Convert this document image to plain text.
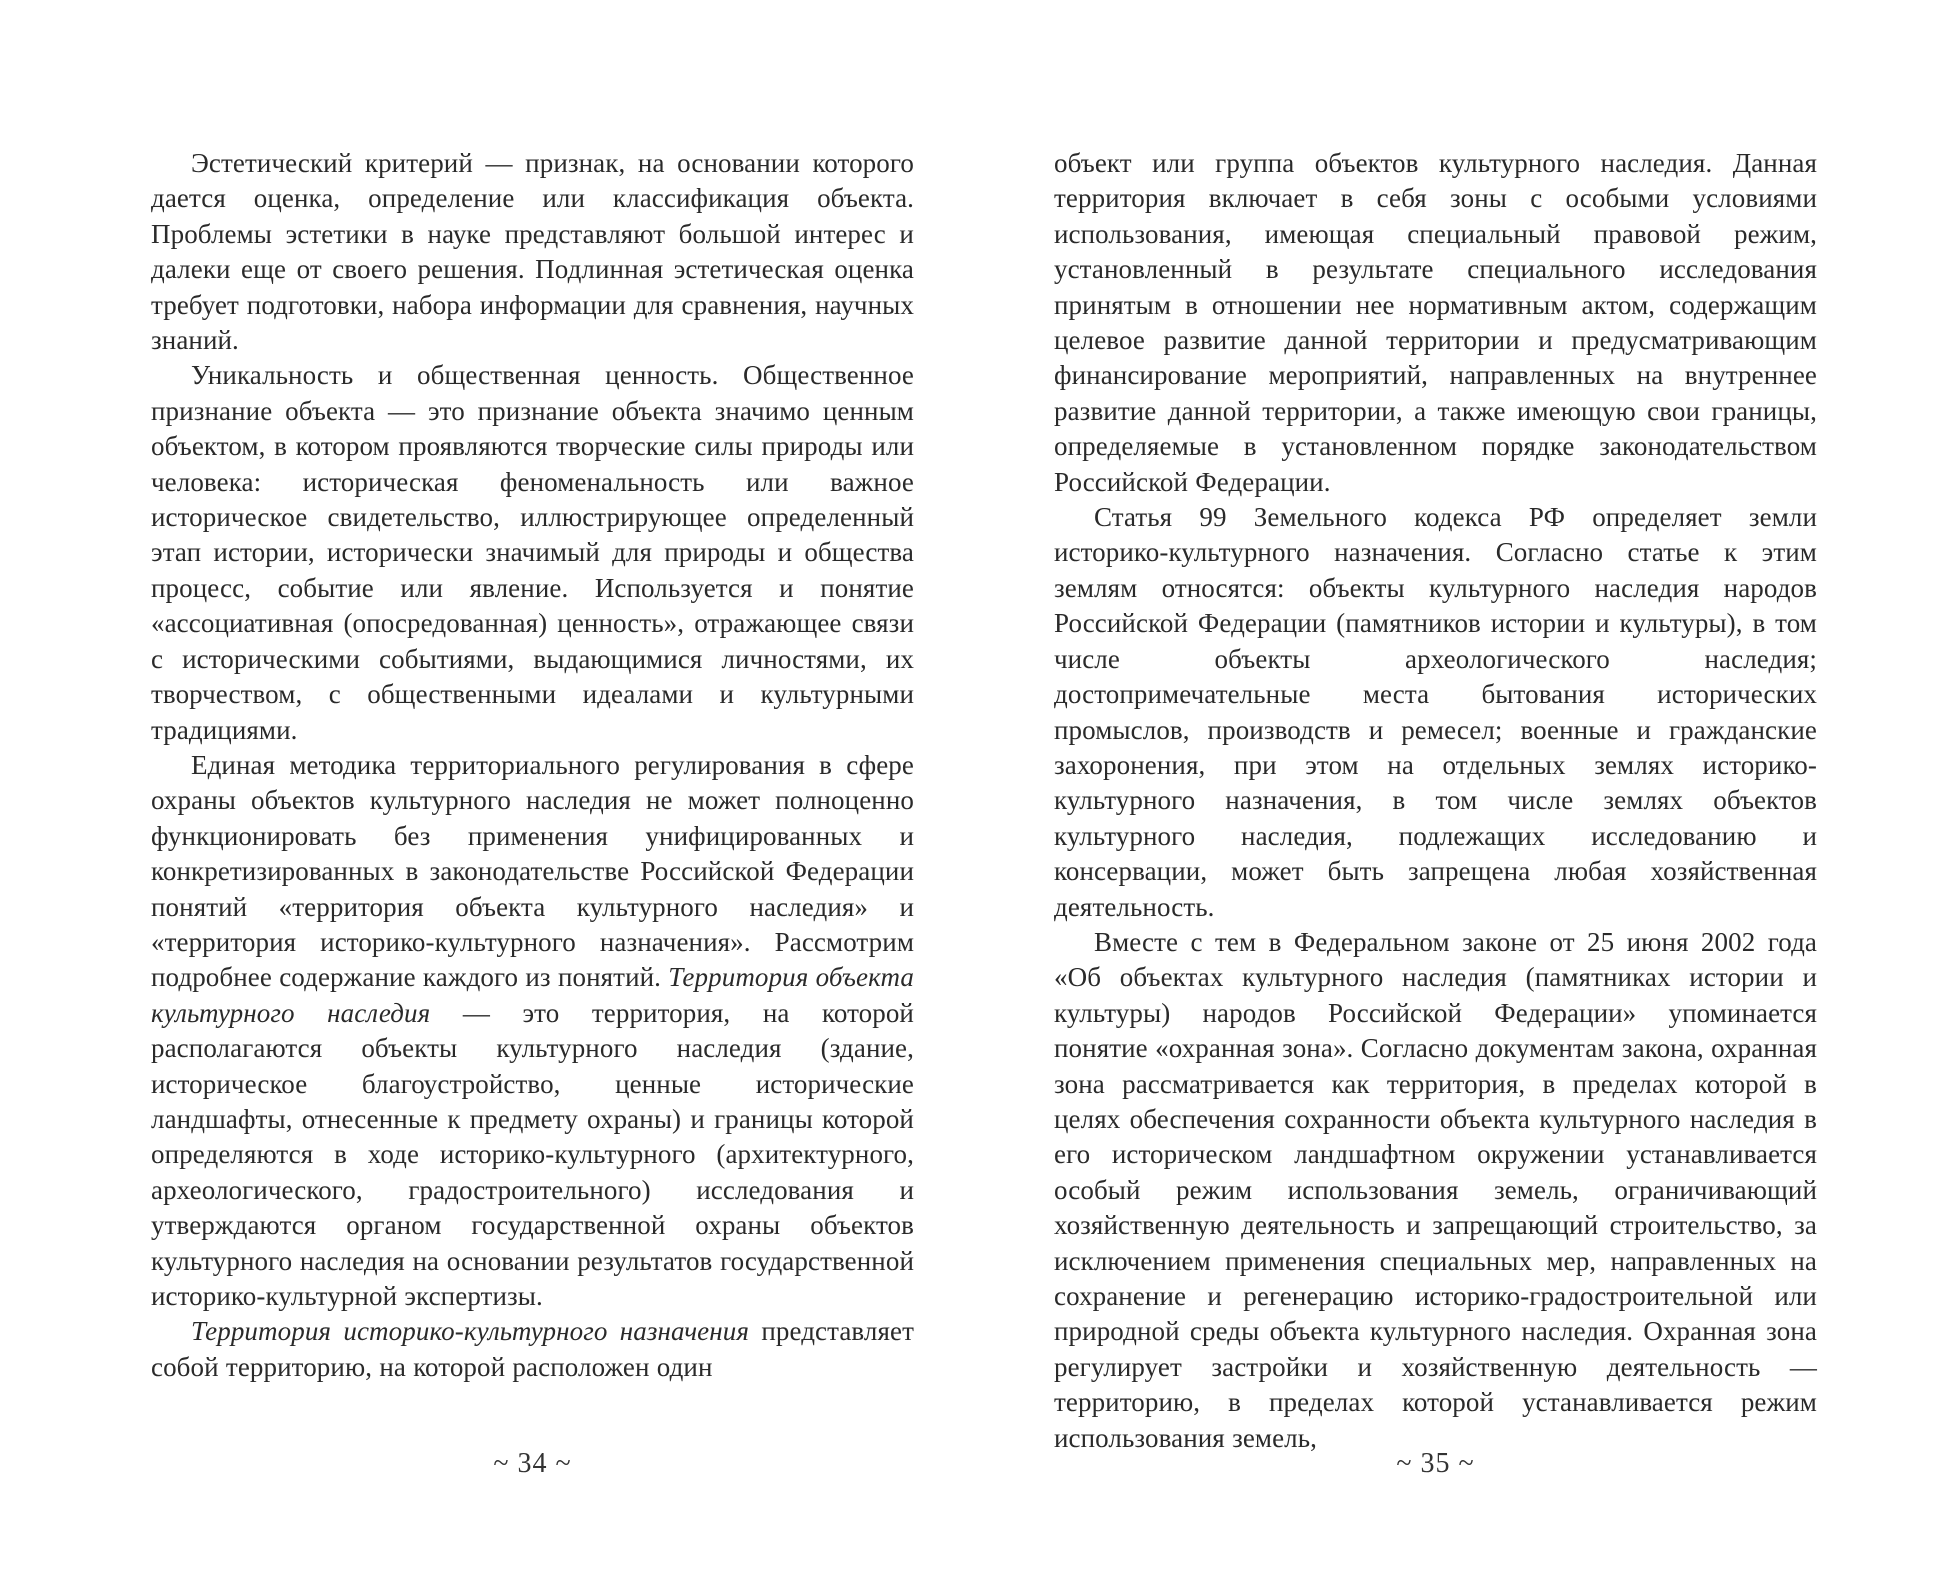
Эстетический критерий — признак, на основании которого дается оценка, определение или классификация объекта. Проблемы эстетики в науке представляют большой интерес и далеки еще от своего решения. Подлинная эстетическая оценка требует подготовки, набора информации для сравнения, научных знаний.

Уникальность и общественная ценность. Общественное признание объекта — это признание объекта значимо ценным объектом, в котором проявляются творческие силы природы или человека: историческая феноменальность или важное историческое свидетельство, иллюстрирующее определенный этап истории, исторически значимый для природы и общества процесс, событие или явление. Используется и понятие «ассоциативная (опосредованная) ценность», отражающее связи с историческими событиями, выдающимися личностями, их творчеством, с общественными идеалами и культурными традициями.

Единая методика территориального регулирования в сфере охраны объектов культурного наследия не может полноценно функционировать без применения унифицированных и конкретизированных в законодательстве Российской Федерации понятий «территория объекта культурного наследия» и «территория историко-культурного назначения». Рассмотрим подробнее содержание каждого из понятий. Территория объекта культурного наследия — это территория, на которой располагаются объекты культурного наследия (здание, историческое благоустройство, ценные исторические ландшафты, отнесенные к предмету охраны) и границы которой определяются в ходе историко-культурного (архитектурного, археологического, градостроительного) исследования и утверждаются органом государственной охраны объектов культурного наследия на основании результатов государственной историко-культурной экспертизы.

Территория историко-культурного назначения представляет собой территорию, на которой расположен один

~ 34 ~

объект или группа объектов культурного наследия. Данная территория включает в себя зоны с особыми условиями использования, имеющая специальный правовой режим, установленный в результате специального исследования принятым в отношении нее нормативным актом, содержащим целевое развитие данной территории и предусматривающим финансирование мероприятий, направленных на внутреннее развитие данной территории, а также имеющую свои границы, определяемые в установленном порядке законодательством Российской Федерации.

Статья 99 Земельного кодекса РФ определяет земли историко-культурного назначения. Согласно статье к этим землям относятся: объекты культурного наследия народов Российской Федерации (памятников истории и культуры), в том числе объекты археологического наследия; достопримечательные места бытования исторических промыслов, производств и ремесел; военные и гражданские захоронения, при этом на отдельных землях историко-культурного назначения, в том числе землях объектов культурного наследия, подлежащих исследованию и консервации, может быть запрещена любая хозяйственная деятельность.

Вместе с тем в Федеральном законе от 25 июня 2002 года «Об объектах культурного наследия (памятниках истории и культуры) народов Российской Федерации» упоминается понятие «охранная зона». Согласно документам закона, охранная зона рассматривается как территория, в пределах которой в целях обеспечения сохранности объекта культурного наследия в его историческом ландшафтном окружении устанавливается особый режим использования земель, ограничивающий хозяйственную деятельность и запрещающий строительство, за исключением применения специальных мер, направленных на сохранение и регенерацию историко-градостроительной или природной среды объекта культурного наследия. Охранная зона регулирует застройки и хозяйственную деятельность — территорию, в пределах которой устанавливается режим использования земель,

~ 35 ~
